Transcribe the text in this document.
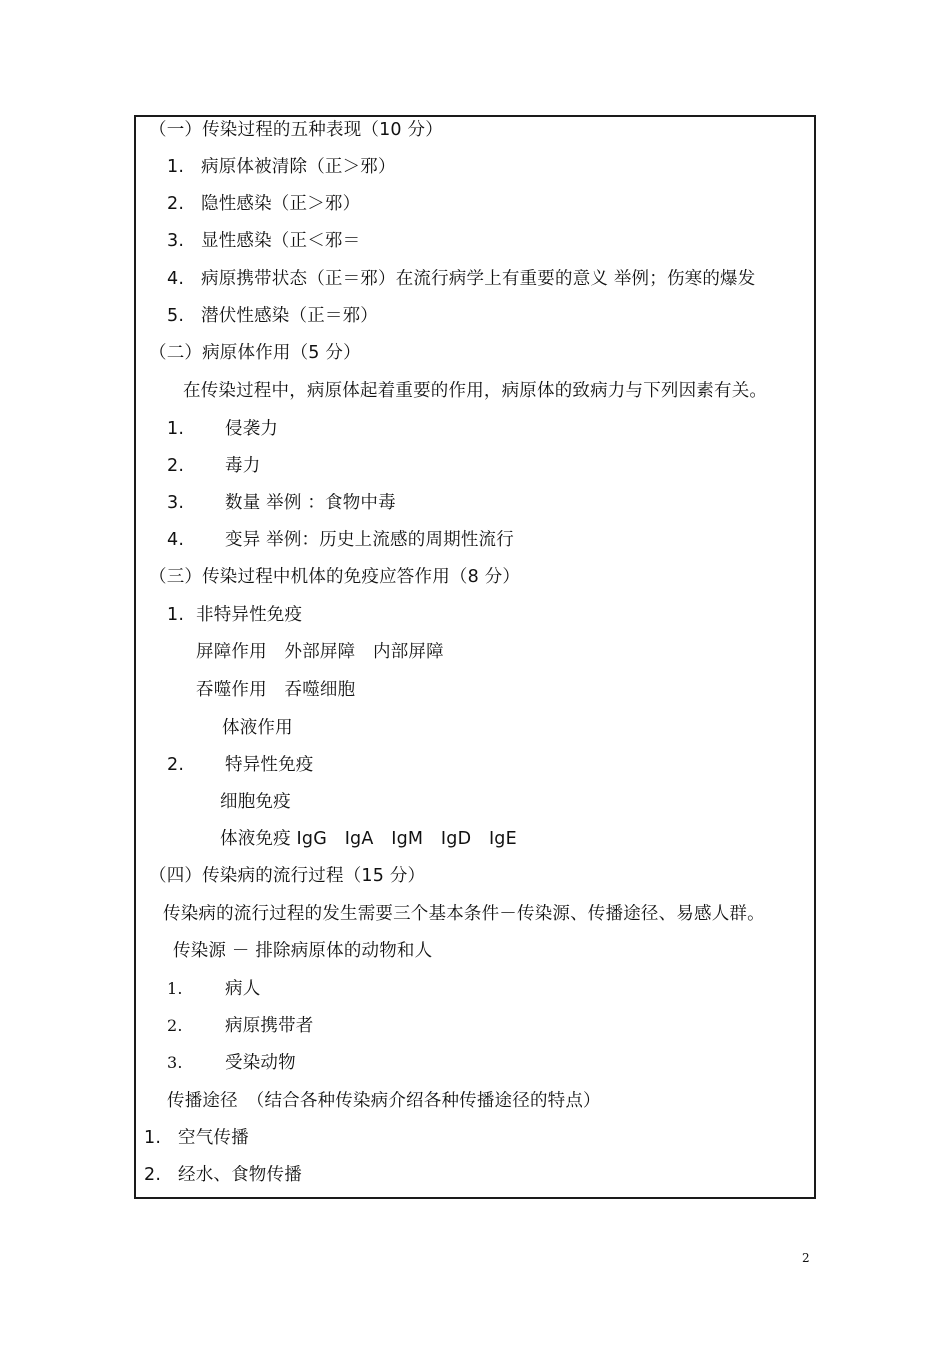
（一）传染过程的五种表现（10 分）
1. 病原体被清除（正＞邪）
2. 隐性感染（正＞邪）
3. 显性感染（正＜邪＝
4. 病原携带状态（正＝邪）在流行病学上有重要的意义 举例；伤寒的爆发
5. 潜伏性感染（正＝邪）
（二）病原体作用（5 分）
在传染过程中，病原体起着重要的作用，病原体的致病力与下列因素有关。
1. 侵袭力
2. 毒力
3. 数量 举例 ：食物中毒
4. 变异 举例：历史上流感的周期性流行
（三）传染过程中机体的免疫应答作用（8 分）
1. 非特异性免疫
屏障作用　外部屏障　内部屏障
吞噬作用　吞噬细胞
体液作用
2. 特异性免疫
细胞免疫
体液免疫 IgG　IgA　IgM　IgD　IgE
（四）传染病的流行过程（15 分）
传染病的流行过程的发生需要三个基本条件－传染源、传播途径、易感人群。
传染源 － 排除病原体的动物和人
1. 病人
2. 病原携带者
3. 受染动物
传播途径　（结合各种传染病介绍各种传播途径的特点）
1. 空气传播
2. 经水、食物传播
2
